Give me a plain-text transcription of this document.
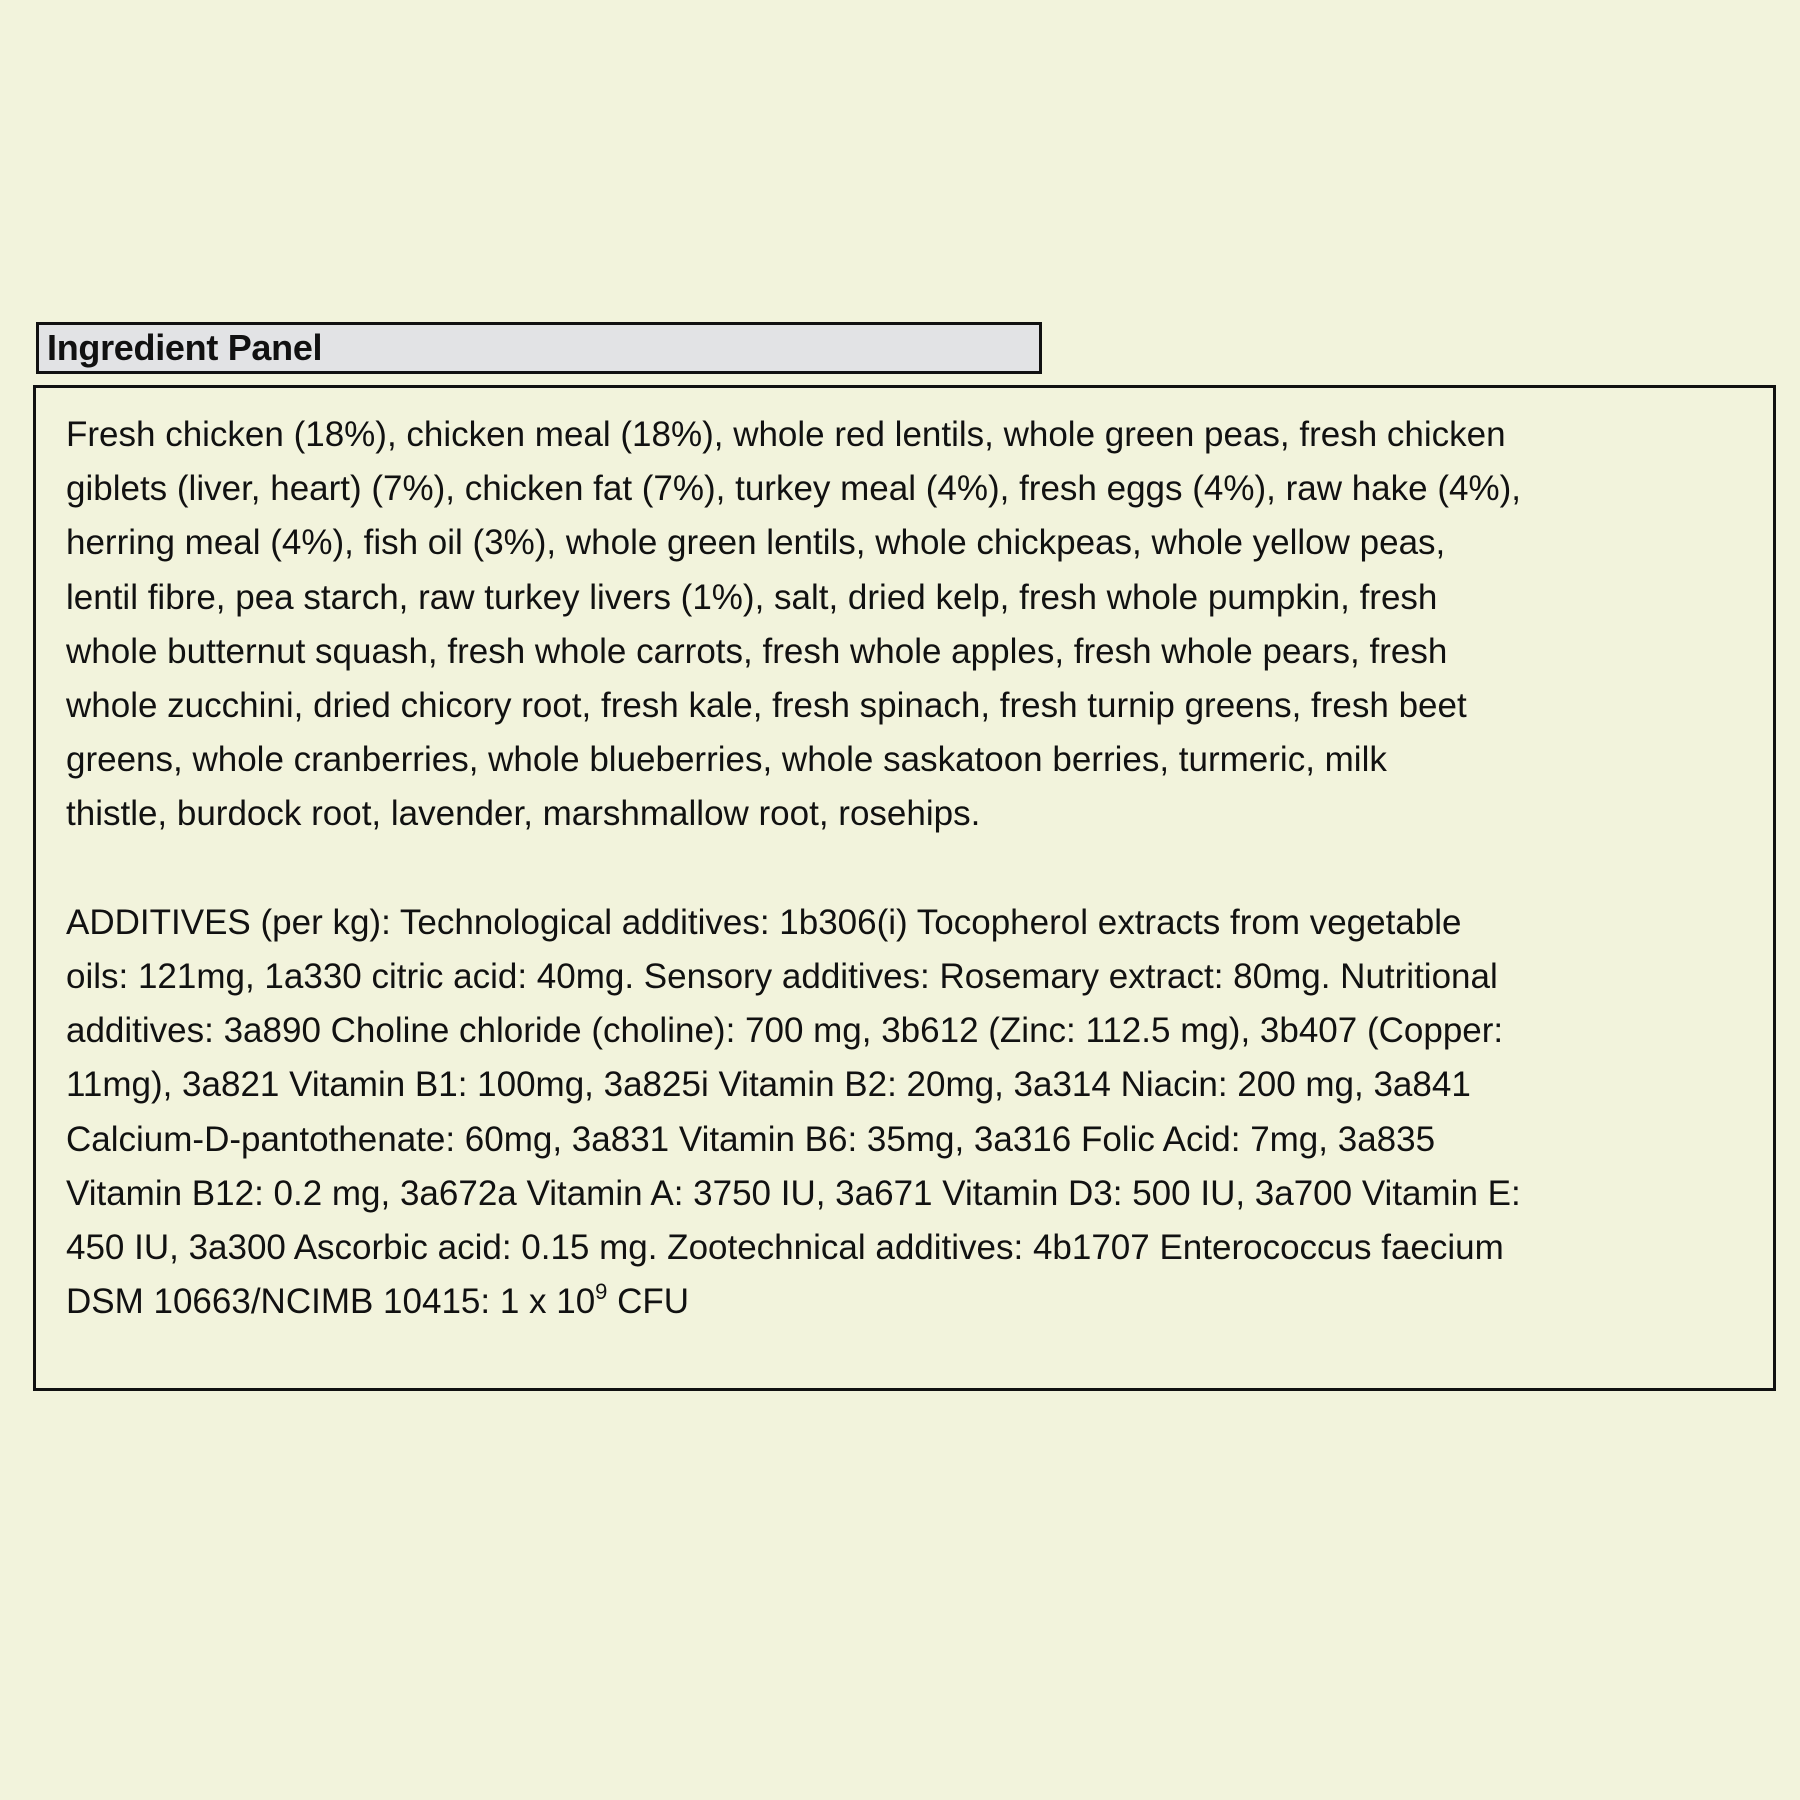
Ingredient Panel

Fresh chicken (18%), chicken meal (18%), whole red lentils, whole green peas, fresh chicken
giblets (liver, heart) (7%), chicken fat (7%), turkey meal (4%), fresh eggs (4%), raw hake (4%),
herring meal (4%), fish oil (3%), whole green lentils, whole chickpeas, whole yellow peas,
lentil fibre, pea starch, raw turkey livers (1%), salt, dried kelp, fresh whole pumpkin, fresh
whole butternut squash, fresh whole carrots, fresh whole apples, fresh whole pears, fresh
whole zucchini, dried chicory root, fresh kale, fresh spinach, fresh turnip greens, fresh beet
greens, whole cranberries, whole blueberries, whole saskatoon berries, turmeric, milk
thistle, burdock root, lavender, marshmallow root, rosehips.

ADDITIVES (per kg): Technological additives: 1b306(i) Tocopherol extracts from vegetable
oils: 121mg, 1a330 citric acid: 40mg. Sensory additives: Rosemary extract: 80mg. Nutritional
additives: 3a890 Choline chloride (choline): 700 mg, 3b612 (Zinc: 112.5 mg), 3b407 (Copper:
11mg), 3a821 Vitamin B1: 100mg, 3a825i Vitamin B2: 20mg, 3a314 Niacin: 200 mg, 3a841
Calcium-D-pantothenate: 60mg, 3a831 Vitamin B6: 35mg, 3a316 Folic Acid: 7mg, 3a835
Vitamin B12: 0.2 mg, 3a672a Vitamin A: 3750 IU, 3a671 Vitamin D3: 500 IU, 3a700 Vitamin E:
450 IU, 3a300 Ascorbic acid: 0.15 mg. Zootechnical additives: 4b1707 Enterococcus faecium
DSM 10663/NCIMB 10415: 1 x $10^9$ CFU
